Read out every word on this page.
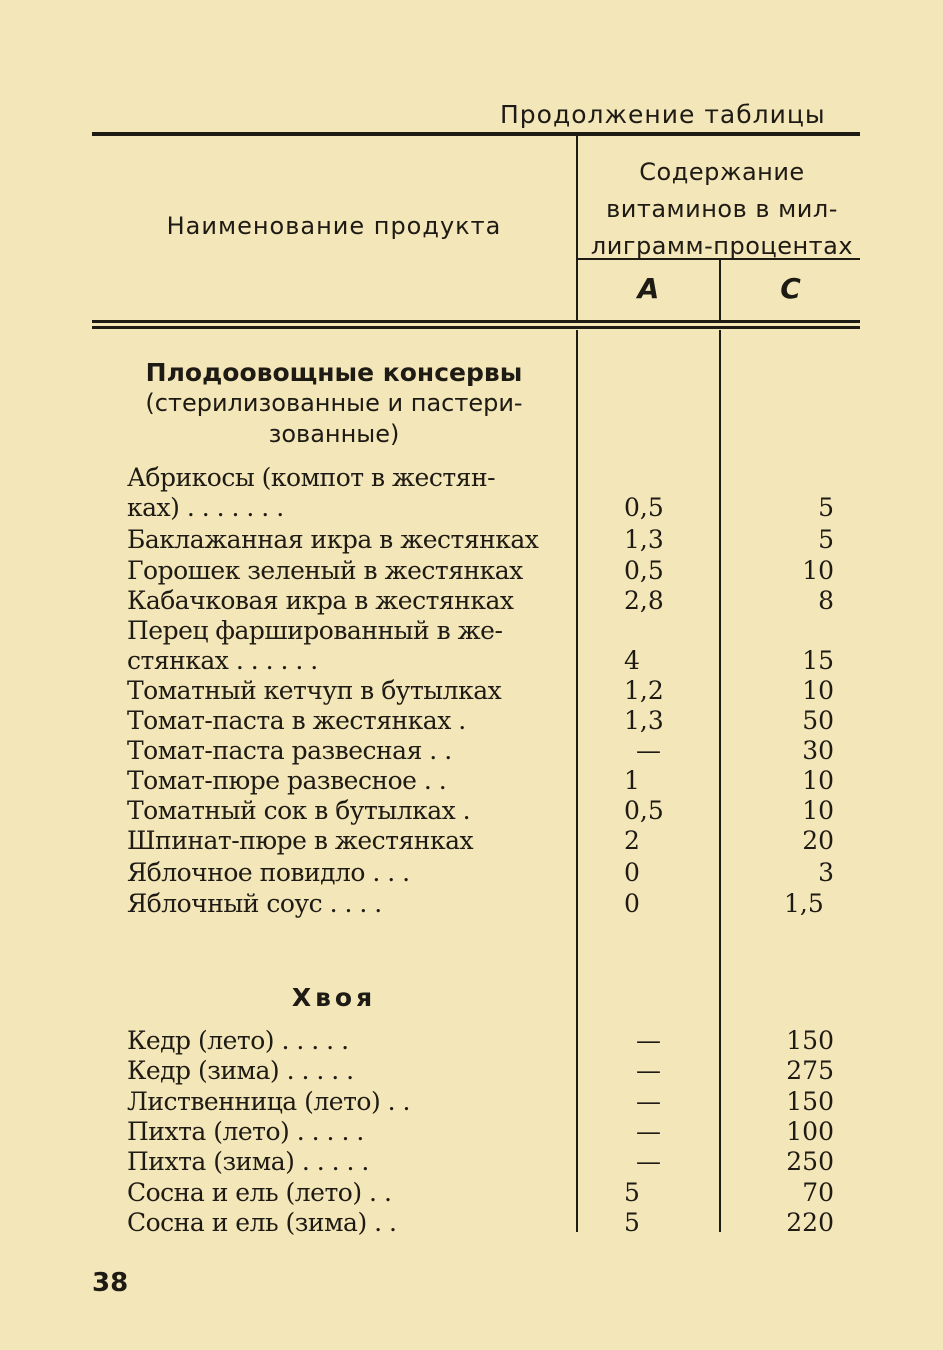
Продолжение таблицы
Наименование продукта
Содержание
витаминов в мил-
лиграмм-процентах
A	C
Плодоовощные консервы
(стерилизованные и пастери-
зованные)
Абрикосы (компот в жестян-
ках) . . . . . . .	0,5	5
Баклажанная икра в жестянках	1,3	5
Горошек зеленый в жестянках	0,5	10
Кабачковая икра в жестянках	2,8	8
Перец фаршированный в же-
стянках . . . . . .	4	15
Томатный кетчуп в бутылках	1,2	10
Томат-паста в жестянках .	1,3	50
Томат-паста развесная . .	—	30
Томат-пюре развесное . .	1	10
Томатный сок в бутылках .	0,5	10
Шпинат-пюре в жестянках	2	20
Яблочное повидло . . .	0	3
Яблочный соус . . . .	0	1,5
Хвоя
Кедр (лето) . . . . .	—	150
Кедр (зима) . . . . .	—	275
Лиственница (лето) . .	—	150
Пихта (лето) . . . . .	—	100
Пихта (зима) . . . . .	—	250
Сосна и ель (лето) . .	5	70
Сосна и ель (зима) . .	5	220
38
